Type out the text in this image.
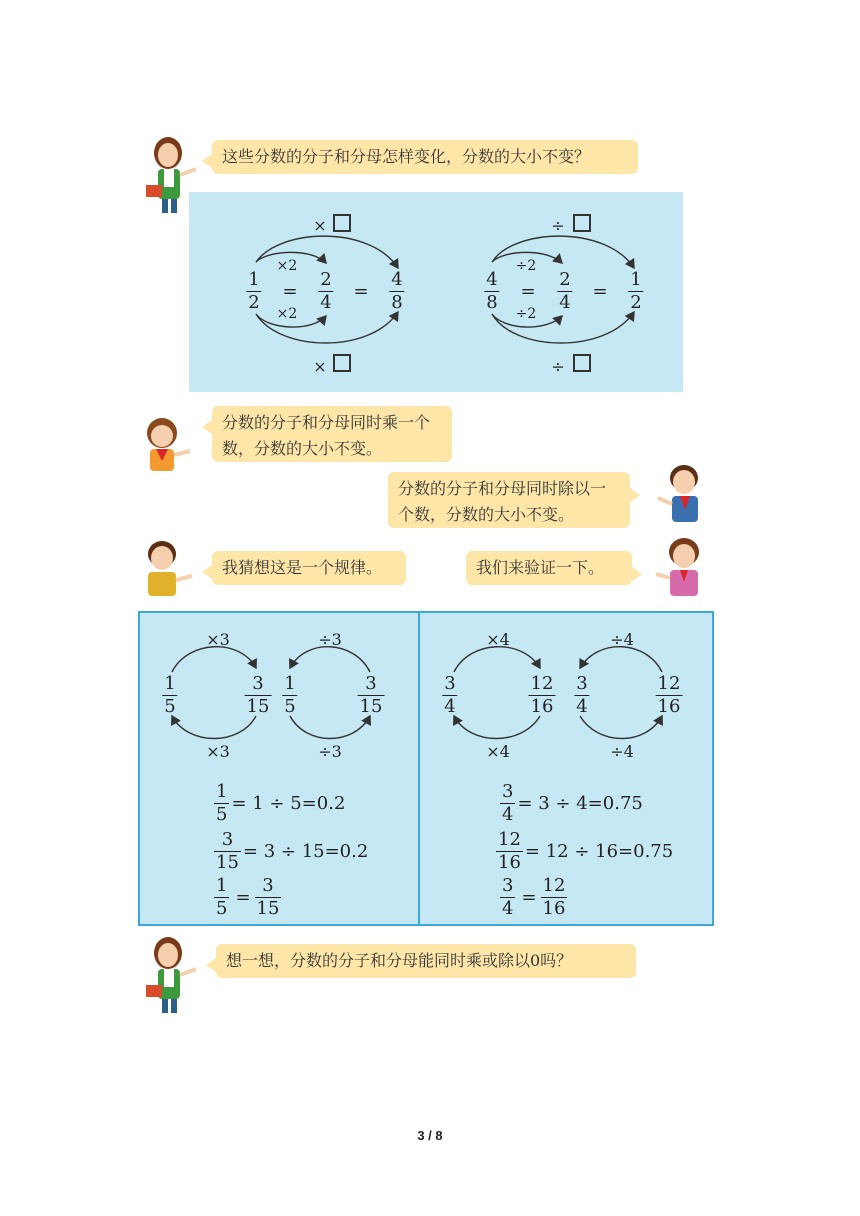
这些分数的分子和分母怎样变化，分数的大小不变？
分数的分子和分母同时乘一个数，分数的大小不变。
分数的分子和分母同时除以一个数，分数的大小不变。
我猜想这是一个规律。	我们来验证一下。
想一想，分数的分子和分母能同时乘或除以0吗？
×
×2
×2
×
1
2
=
2
4
=
4
8
÷
÷2
÷2
÷
4
8
=
2
4
=
1
2
×3
×3
1
5
3
15
÷3
÷3
1
5
3
15
$\frac{1}{5} = 1 \div 5=0.2$
$\frac{3}{15} = 3 \div 15=0.2$
$\frac{1}{5} = \frac{3}{15}$
×4
×4
3
4
12
16
÷4
÷4
3
4
12
16
$\frac{3}{4} = 3 \div 4=0.75$
$\frac{12}{16} = 12 \div 16=0.75$
$\frac{3}{4} = \frac{12}{16}$
3 / 8
